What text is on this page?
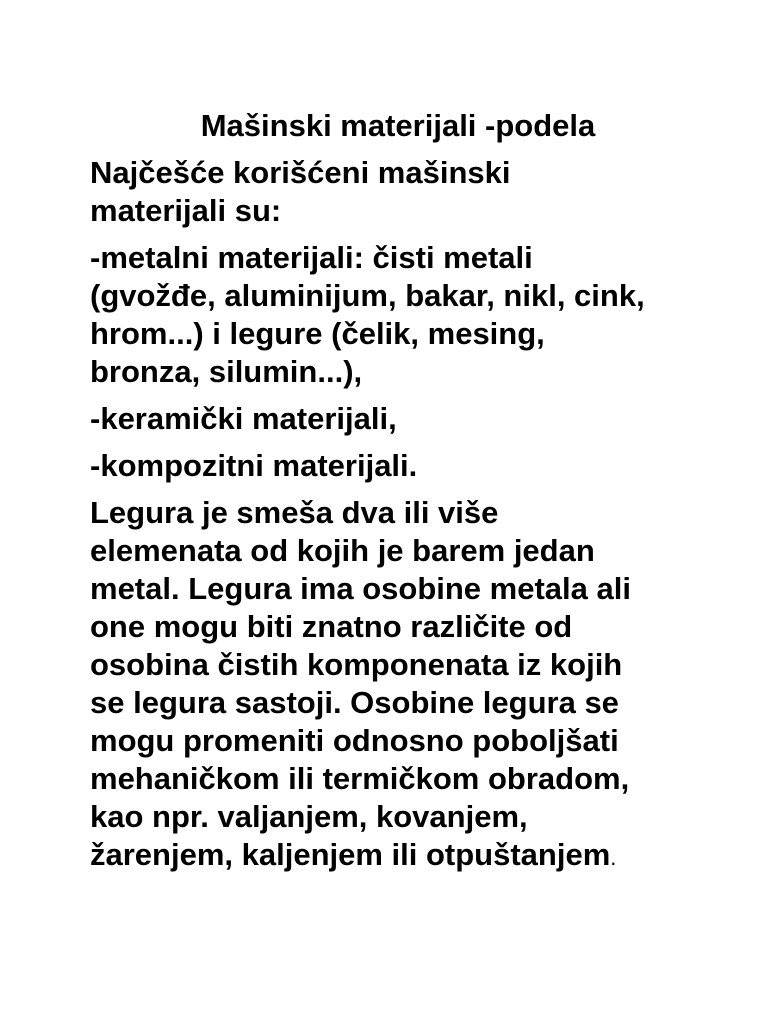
Mašinski materijali -podela

Najčešće korišćeni mašinski
materijali su:

-metalni materijali: čisti metali
(gvožđe, aluminijum, bakar, nikl, cink,
hrom...) i legure (čelik, mesing,
bronza, silumin...),

-keramički materijali,

-kompozitni materijali.

Legura je smeša dva ili više
elemenata od kojih je barem jedan
metal. Legura ima osobine metala ali
one mogu biti znatno različite od
osobina čistih komponenata iz kojih
se legura sastoji. Osobine legura se
mogu promeniti odnosno poboljšati
mehaničkom ili termičkom obradom,
kao npr. valjanjem, kovanjem,
žarenjem, kaljenjem ili otpuštanjem.
